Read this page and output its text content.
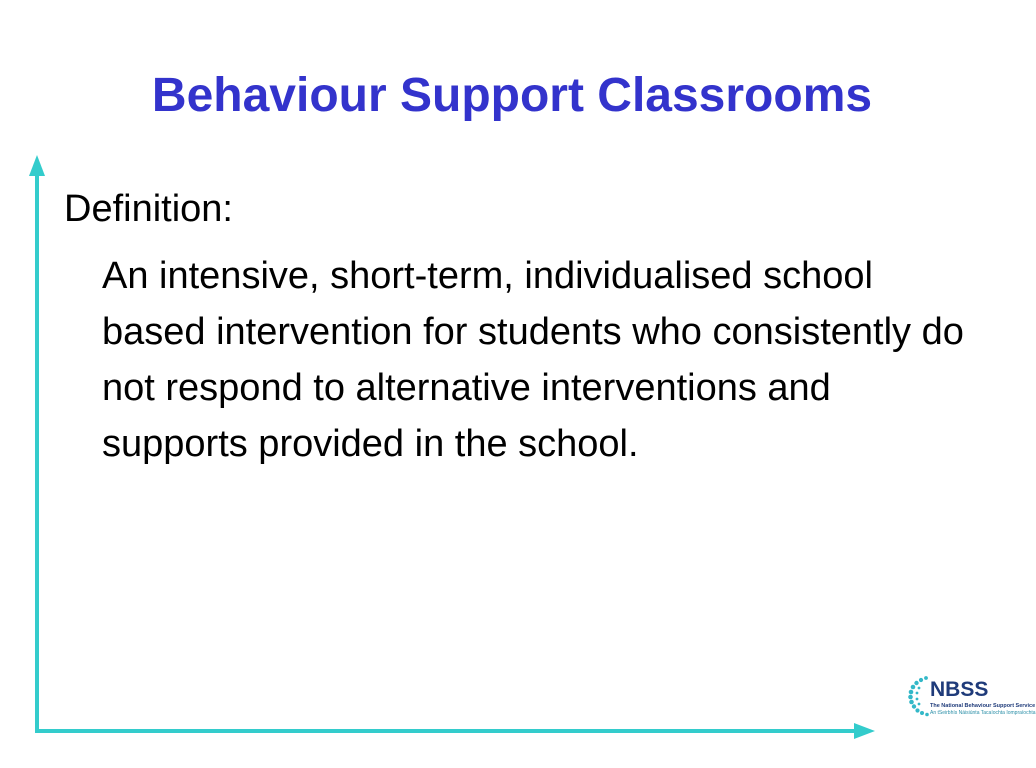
Behaviour Support Classrooms

Definition:

An intensive, short-term, individualised school based intervention for students who consistently do not respond to alternative interventions and supports provided in the school.

NBSS
The National Behaviour Support Service
An tSeirbhís Náisiúnta Tacaíochta Iompraíochta
